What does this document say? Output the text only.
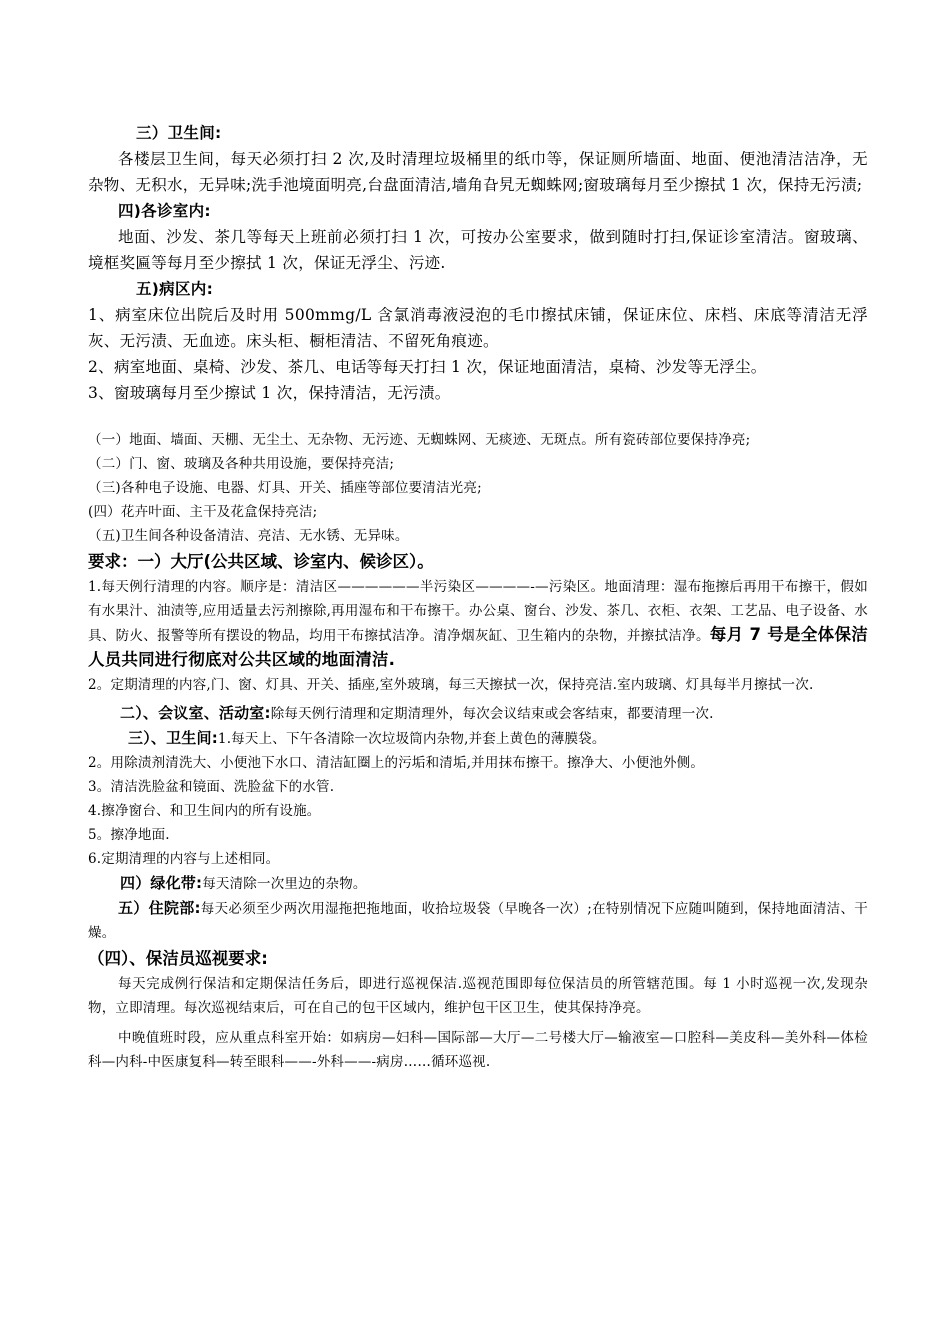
三）卫生间:

各楼层卫生间，每天必须打扫 2 次,及时清理垃圾桶里的纸巾等，保证厕所墙面、地面、便池清洁洁净，无杂物、无积水，无异味;洗手池境面明亮,台盘面清洁,墙角旮旯无蜘蛛网;窗玻璃每月至少擦拭 1 次，保持无污渍;

四)各诊室内:

地面、沙发、茶几等每天上班前必须打扫 1 次，可按办公室要求，做到随时打扫,保证诊室清洁。窗玻璃、境框奖匾等每月至少擦拭 1 次，保证无浮尘、污迹.

五)病区内:

1、病室床位出院后及时用 500mmg/L 含氯消毒液浸泡的毛巾擦拭床铺，保证床位、床档、床底等清洁无浮灰、无污渍、无血迹。床头柜、橱柜清洁、不留死角痕迹。

2、病室地面、桌椅、沙发、茶几、电话等每天打扫 1 次，保证地面清洁，桌椅、沙发等无浮尘。

3、窗玻璃每月至少擦试 1 次，保持清洁，无污渍。

（一）地面、墙面、天棚、无尘土、无杂物、无污迹、无蜘蛛网、无痰迹、无斑点。所有瓷砖部位要保持净亮;

（二）门、窗、玻璃及各种共用设施，要保持亮洁;

（三)各种电子设施、电器、灯具、开关、插座等部位要清洁光亮;

(四）花卉叶面、主干及花盒保持亮洁;

（五)卫生间各种设备清洁、亮洁、无水锈、无异味。

要求：一）大厅(公共区域、诊室内、候诊区）。

1.每天例行清理的内容。顺序是：清洁区——————半污染区————-—污染区。地面清理：湿布拖擦后再用干布擦干，假如有水果汁、油渍等,应用适量去污剂擦除,再用湿布和干布擦干。办公桌、窗台、沙发、茶几、衣柜、衣架、工艺品、电子设备、水具、防火、报警等所有摆设的物品，均用干布擦拭洁净。清净烟灰缸、卫生箱内的杂物，并擦拭洁净。每月 7 号是全体保洁人员共同进行彻底对公共区域的地面清洁.

2。定期清理的内容,门、窗、灯具、开关、插座,室外玻璃，每三天擦拭一次，保持亮洁.室内玻璃、灯具每半月擦拭一次.

二）、会议室、活动室:除每天例行清理和定期清理外，每次会议结束或会客结束，都要清理一次.

三）、卫生间:1.每天上、下午各清除一次垃圾筒内杂物,并套上黄色的薄膜袋。

2。用除渍剂清洗大、小便池下水口、清洁缸圈上的污垢和清垢,并用抹布擦干。擦净大、小便池外侧。

3。清洁洗脸盆和镜面、洗脸盆下的水管.

4.擦净窗台、和卫生间内的所有设施。

5。擦净地面.

6.定期清理的内容与上述相同。

四）绿化带:每天清除一次里边的杂物。

五）住院部:每天必须至少两次用湿拖把拖地面，收拾垃圾袋（早晚各一次）;在特别情况下应随叫随到，保持地面清洁、干燥。

（四）、保洁员巡视要求:

每天完成例行保洁和定期保洁任务后，即进行巡视保洁.巡视范围即每位保洁员的所管辖范围。每 1 小时巡视一次,发现杂物，立即清理。每次巡视结束后，可在自己的包干区域内，维护包干区卫生，使其保持净亮。

中晚值班时段，应从重点科室开始：如病房—妇科—国际部—大厅—二号楼大厅—输液室—口腔科—美皮科—美外科—体检科—内科-中医康复科—转至眼科——-外科——-病房……循环巡视.
